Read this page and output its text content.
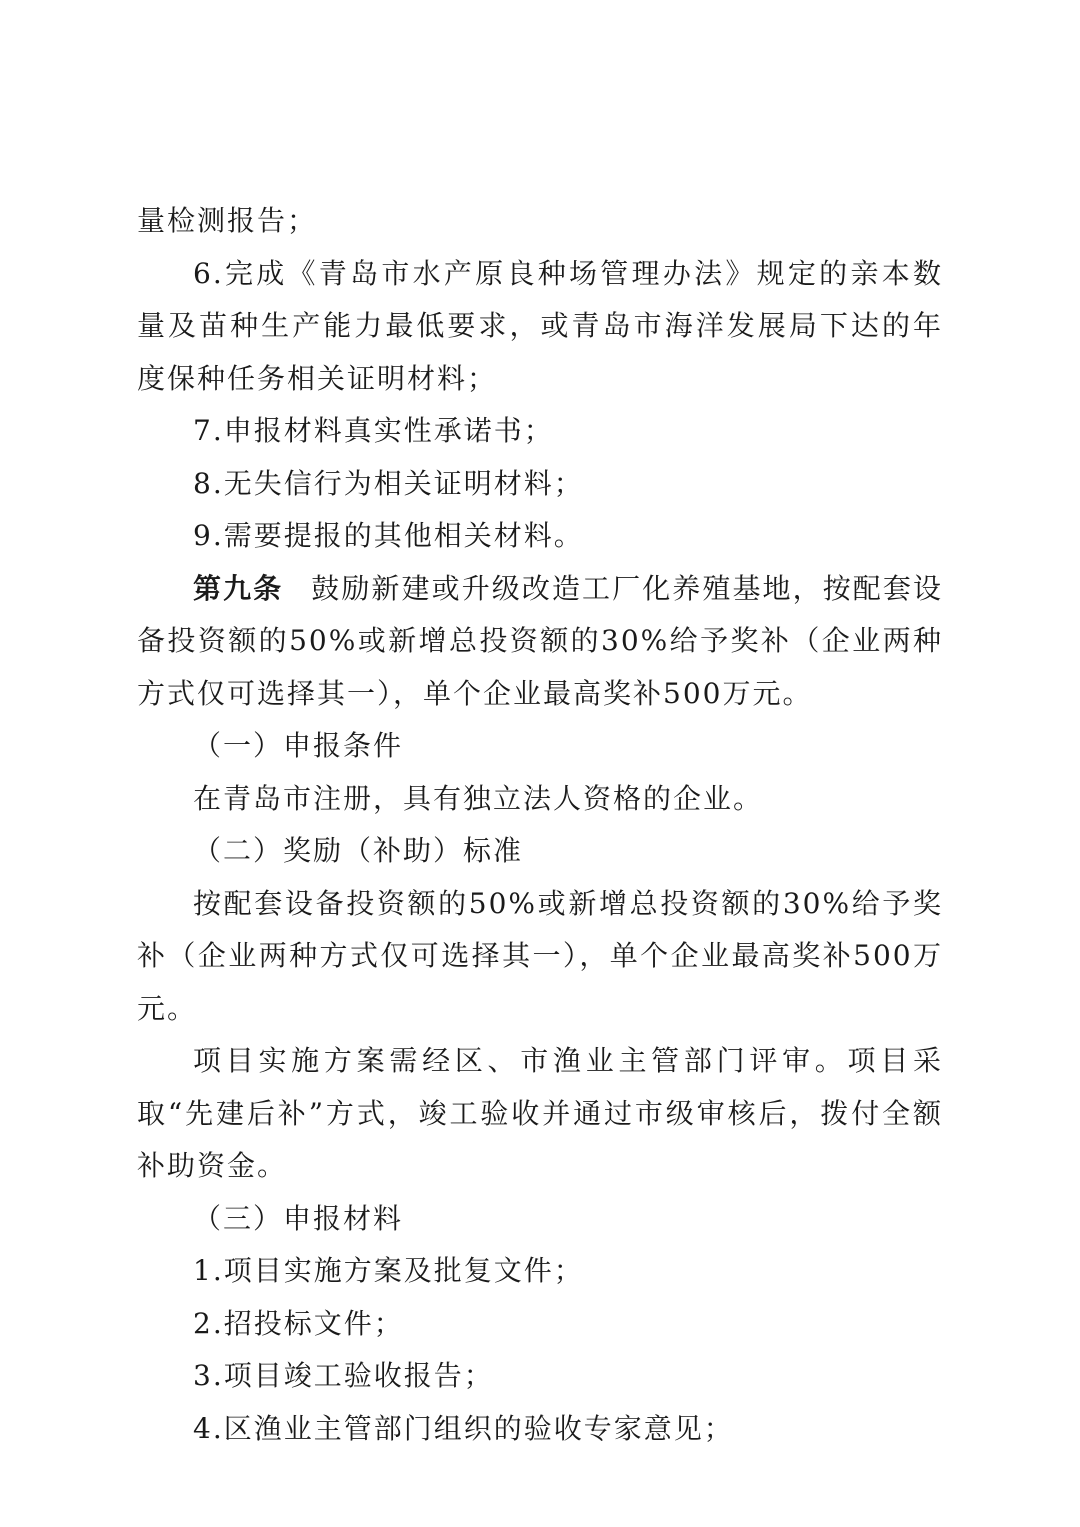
量检测报告；

6.完成《青岛市水产原良种场管理办法》规定的亲本数量及苗种生产能力最低要求，或青岛市海洋发展局下达的年度保种任务相关证明材料；

7.申报材料真实性承诺书；

8.无失信行为相关证明材料；

9.需要提报的其他相关材料。

第九条 鼓励新建或升级改造工厂化养殖基地，按配套设备投资额的50%或新增总投资额的30%给予奖补（企业两种方式仅可选择其一），单个企业最高奖补500万元。

（一）申报条件

在青岛市注册，具有独立法人资格的企业。

（二）奖励（补助）标准

按配套设备投资额的50%或新增总投资额的30%给予奖补（企业两种方式仅可选择其一），单个企业最高奖补500万元。

项目实施方案需经区、市渔业主管部门评审。项目采取“先建后补”方式，竣工验收并通过市级审核后，拨付全额补助资金。

（三）申报材料

1.项目实施方案及批复文件；

2.招投标文件；

3.项目竣工验收报告；

4.区渔业主管部门组织的验收专家意见；
